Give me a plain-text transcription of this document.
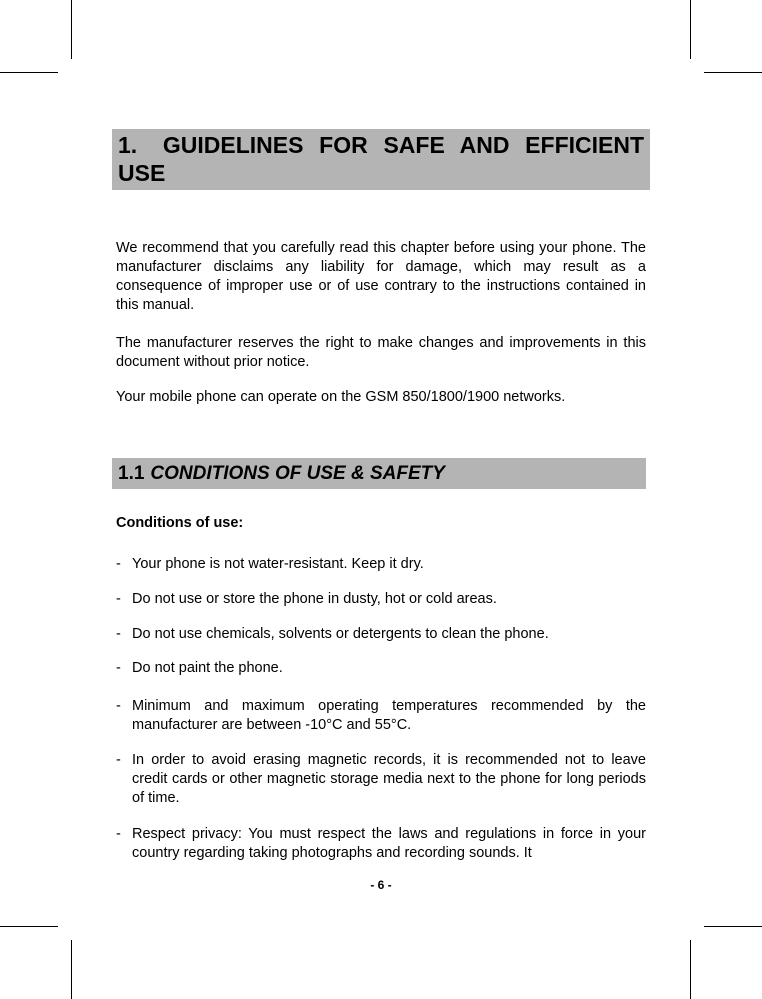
1. GUIDELINES FOR SAFE AND EFFICIENT USE

We recommend that you carefully read this chapter before using your phone. The manufacturer disclaims any liability for damage, which may result as a consequence of improper use or of use contrary to the instructions contained in this manual.

The manufacturer reserves the right to make changes and improvements in this document without prior notice.

Your mobile phone can operate on the GSM 850/1800/1900 networks.

1.1 CONDITIONS OF USE & SAFETY
Conditions of use:
- Your phone is not water-resistant. Keep it dry.
- Do not use or store the phone in dusty, hot or cold areas.
- Do not use chemicals, solvents or detergents to clean the phone.
- Do not paint the phone.
- Minimum and maximum operating temperatures recommended by the manufacturer are between -10°C and 55°C.
- In order to avoid erasing magnetic records, it is recommended not to leave credit cards or other magnetic storage media next to the phone for long periods of time.
- Respect privacy: You must respect the laws and regulations in force in your country regarding taking photographs and recording sounds. It
- 6 -
